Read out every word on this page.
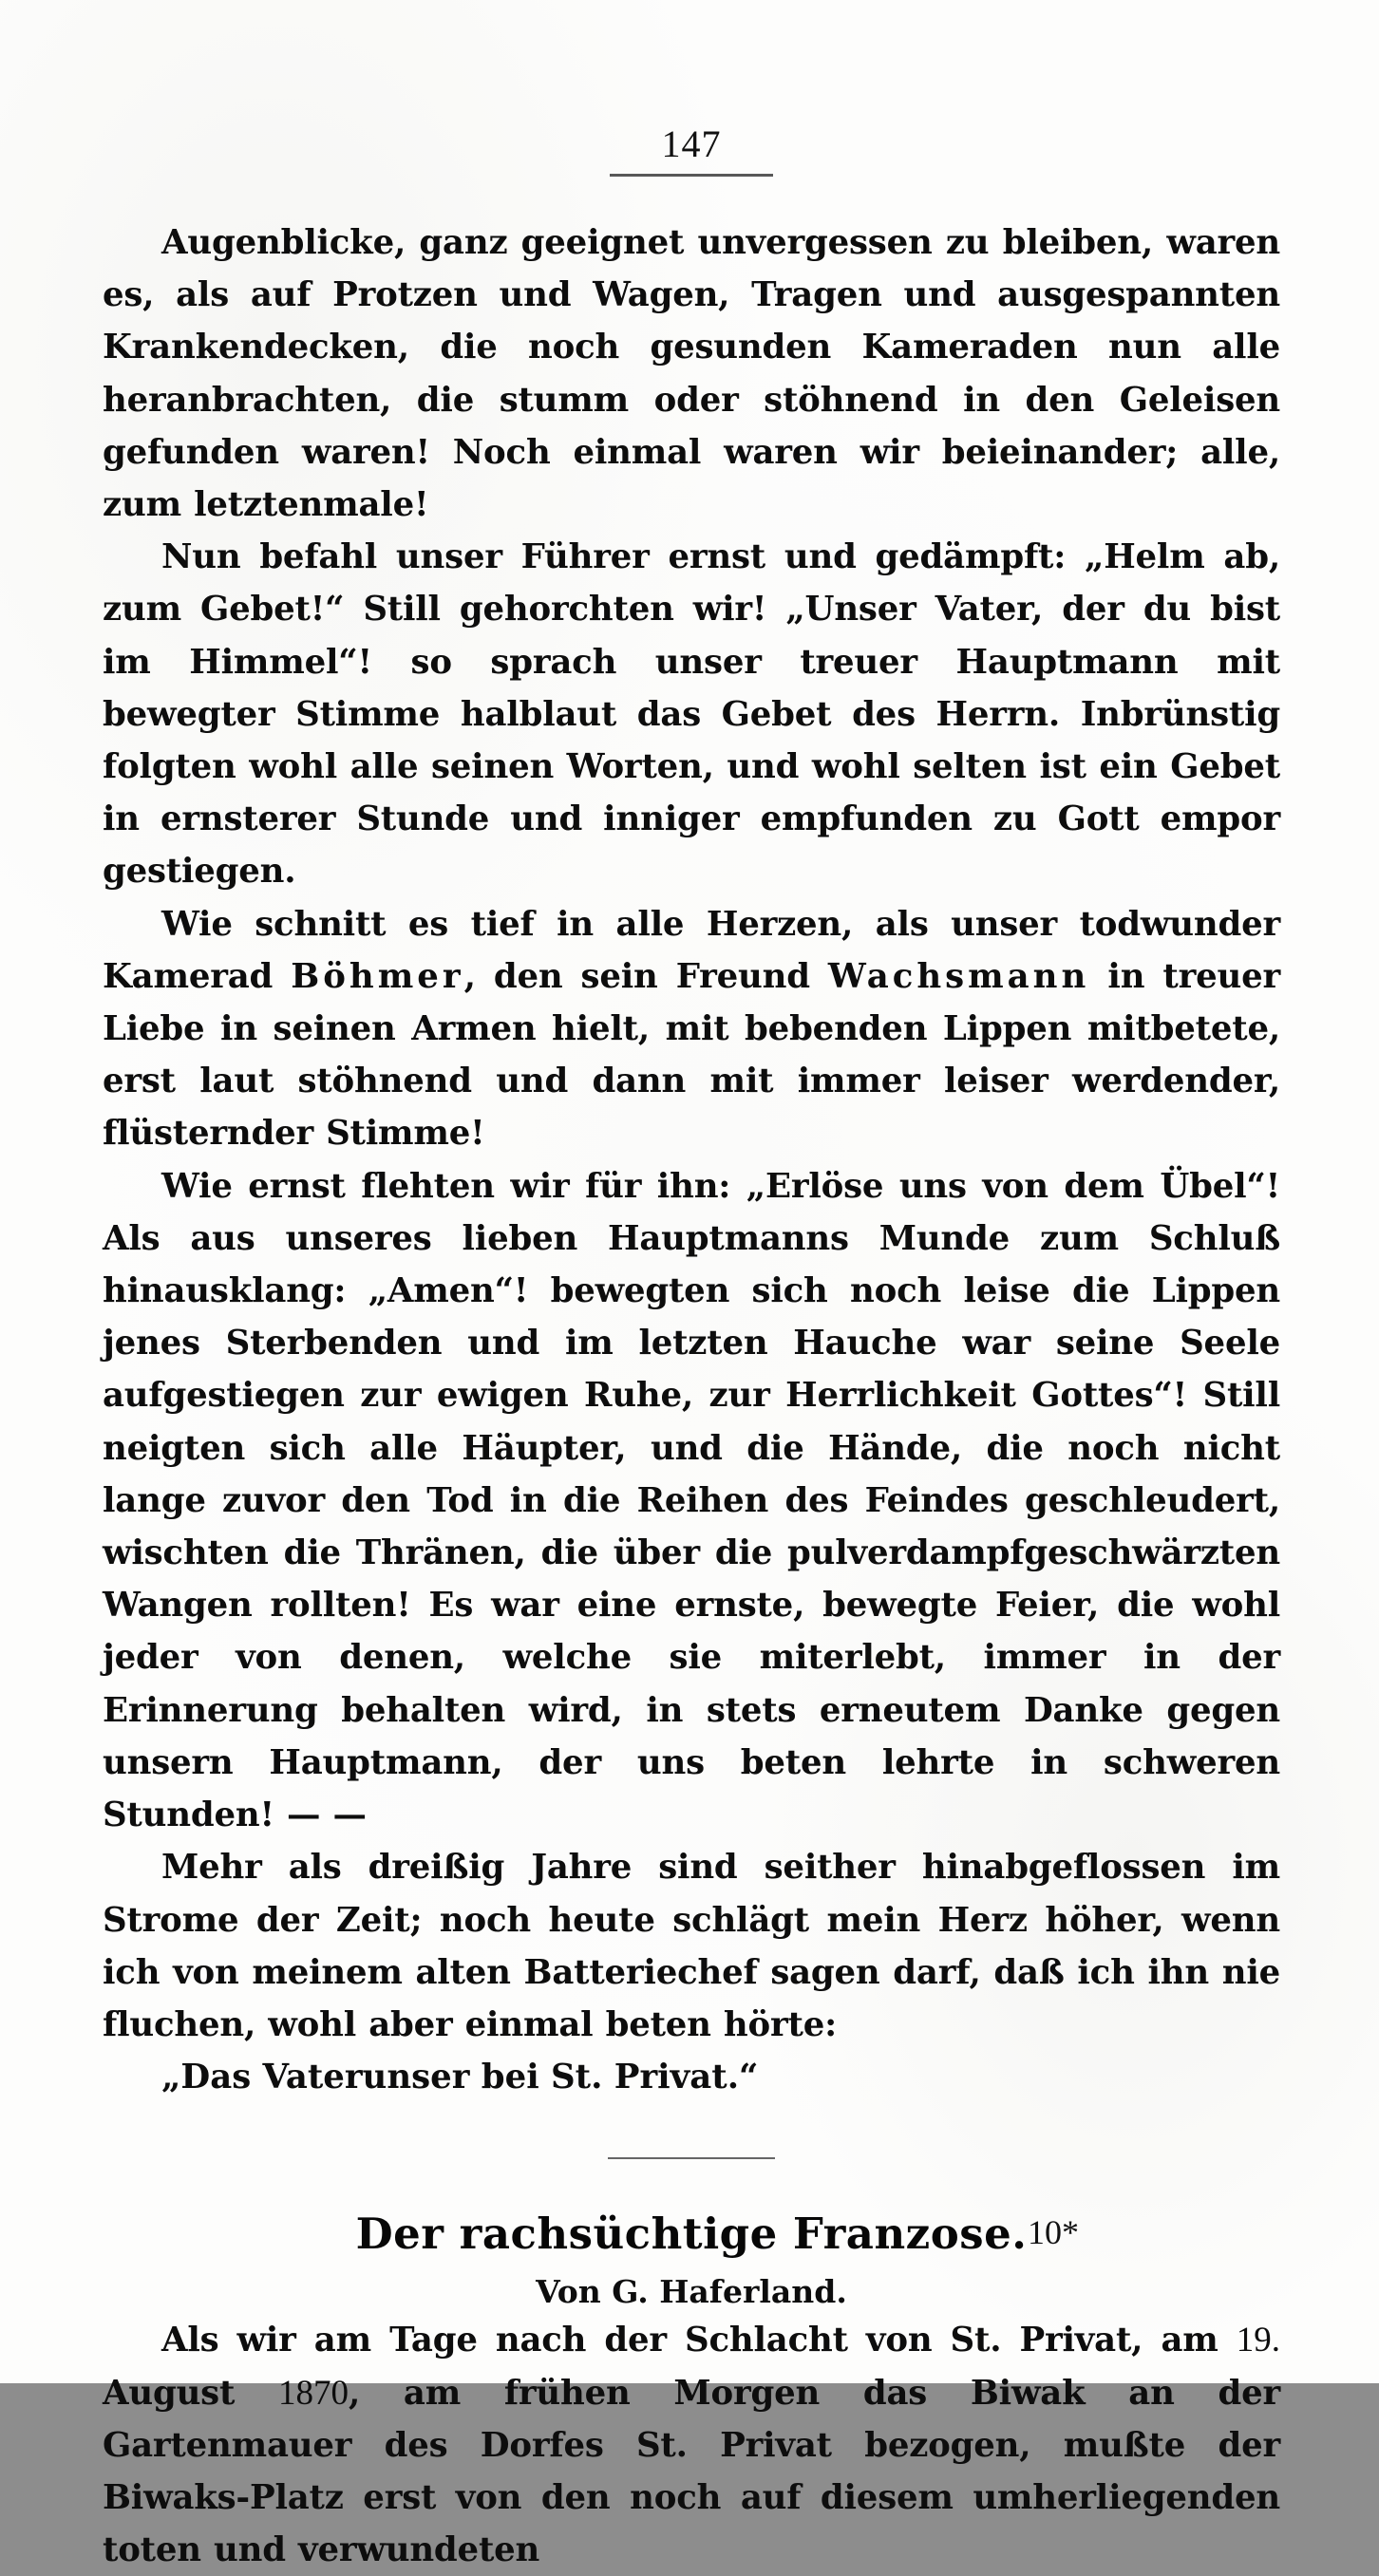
147

Augenblicke, ganz geeignet unvergessen zu bleiben, waren es, als auf Protzen und Wagen, Tragen und ausgespannten Krankendecken, die noch gesunden Kameraden nun alle heranbrachten, die stumm oder stöhnend in den Geleisen gefunden waren! Noch einmal waren wir beieinander; alle, zum letztenmale!

Nun befahl unser Führer ernst und gedämpft: „Helm ab, zum Gebet!“ Still gehorchten wir! „Unser Vater, der du bist im Himmel“! so sprach unser treuer Hauptmann mit bewegter Stimme halblaut das Gebet des Herrn. Inbrünstig folgten wohl alle seinen Worten, und wohl selten ist ein Gebet in ernsterer Stunde und inniger empfunden zu Gott empor gestiegen.

Wie schnitt es tief in alle Herzen, als unser todwunder Kamerad Böhmer, den sein Freund Wachsmann in treuer Liebe in seinen Armen hielt, mit bebenden Lippen mitbetete, erst laut stöhnend und dann mit immer leiser werdender, flüsternder Stimme!

Wie ernst flehten wir für ihn: „Erlöse uns von dem Übel“! Als aus unseres lieben Hauptmanns Munde zum Schluß hinausklang: „Amen“! bewegten sich noch leise die Lippen jenes Sterbenden und im letzten Hauche war seine Seele aufgestiegen zur ewigen Ruhe, zur Herrlichkeit Gottes“! Still neigten sich alle Häupter, und die Hände, die noch nicht lange zuvor den Tod in die Reihen des Feindes geschleudert, wischten die Thränen, die über die pulverdampfgeschwärzten Wangen rollten! Es war eine ernste, bewegte Feier, die wohl jeder von denen, welche sie miterlebt, immer in der Erinnerung behalten wird, in stets erneutem Danke gegen unsern Hauptmann, der uns beten lehrte in schweren Stunden! — —

Mehr als dreißig Jahre sind seither hinabgeflossen im Strome der Zeit; noch heute schlägt mein Herz höher, wenn ich von meinem alten Batteriechef sagen darf, daß ich ihn nie fluchen, wohl aber einmal beten hörte:

„Das Vaterunser bei St. Privat.“

Der rachsüchtige Franzose.
Von G. Haferland.

Als wir am Tage nach der Schlacht von St. Privat, am 19. August 1870, am frühen Morgen das Biwak an der Gartenmauer des Dorfes St. Privat bezogen, mußte der Biwaks-Platz erst von den noch auf diesem umherliegenden toten und verwundeten

10*
